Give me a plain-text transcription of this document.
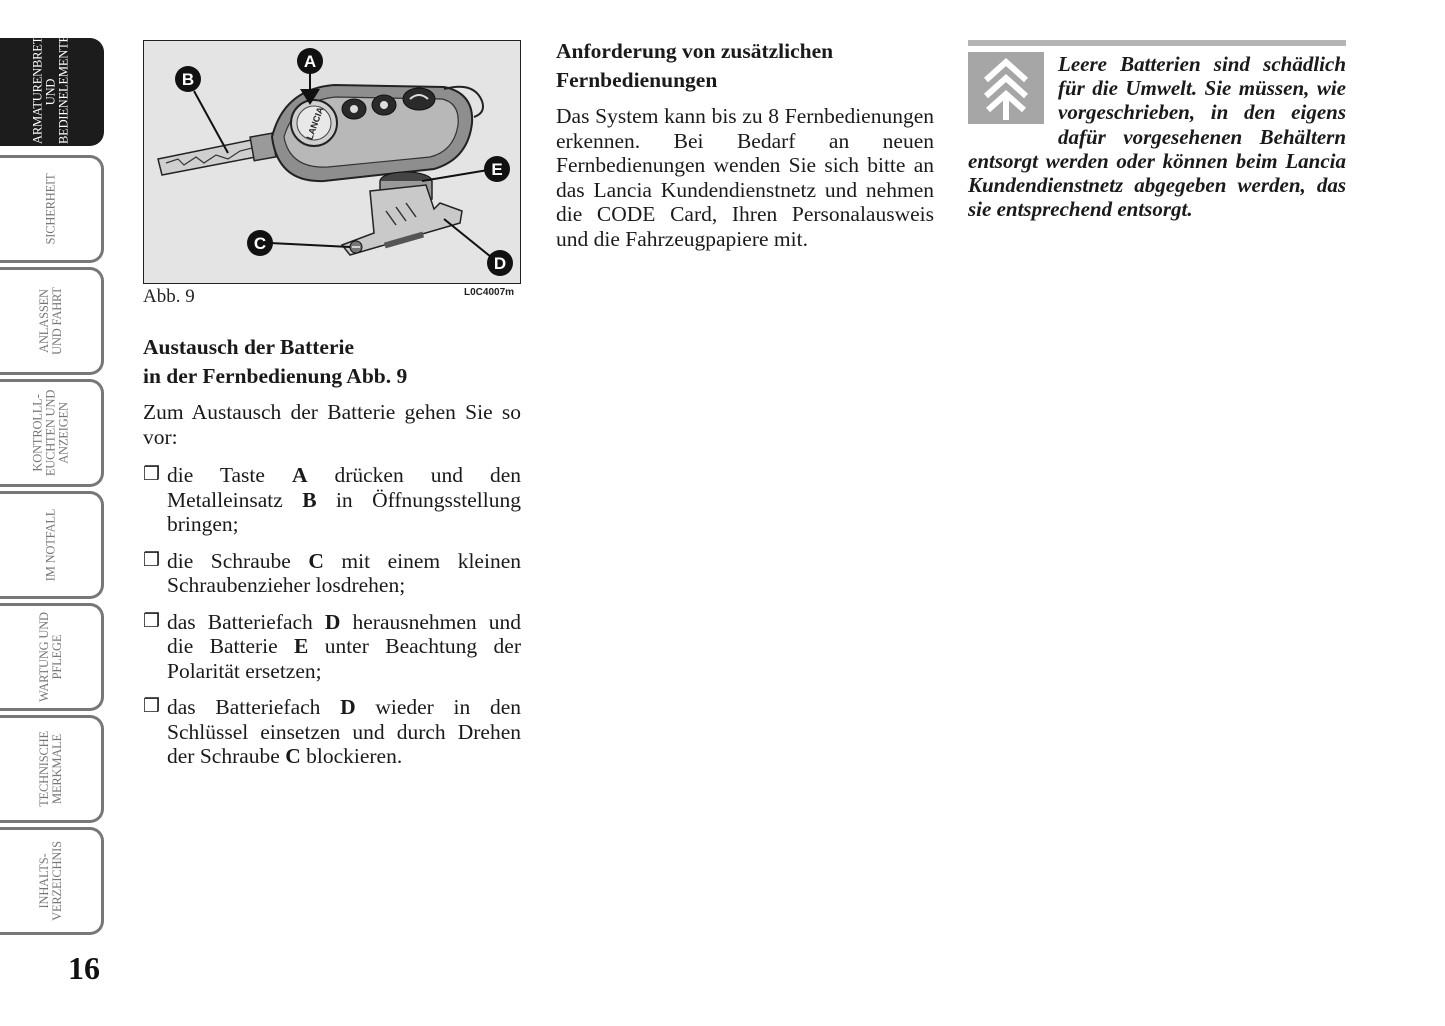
ARMATURENBRETT
UND
BEDIENELEMENTE
SICHERHEIT
ANLASSEN
UND FAHRT
KONTROLLL-
EUCHTEN UND
ANZEIGEN
IM NOTFALL
WARTUNG UND
PFLEGE
TECHNISCHE
MERKMALE
INHALTS-
VERZEICHNIS
16
LANCIA
A
B
E
C
D
Abb. 9	L0C4007m
Austausch der Batterie
in der Fernbedienung Abb. 9

Zum Austausch der Batterie gehen Sie so vor:

❒ die Taste A drücken und den Metalleinsatz B in Öffnungsstellung bringen;
❒ die Schraube C mit einem kleinen Schraubenzieher losdrehen;
❒ das Batteriefach D herausnehmen und die Batterie E unter Beachtung der Polarität ersetzen;
❒ das Batteriefach D wieder in den Schlüssel einsetzen und durch Drehen der Schraube C blockieren.
Anforderung von zusätzlichen
Fernbedienungen

Das System kann bis zu 8 Fernbedienungen erkennen. Bei Bedarf an neuen Fernbedienungen wenden Sie sich bitte an das Lancia Kundendienstnetz und nehmen die CODE Card, Ihren Personalausweis und die Fahrzeugpapiere mit.

Leere Batterien sind schädlich für die Umwelt. Sie müssen, wie vorgeschrieben, in den eigens dafür vorgesehenen Behältern entsorgt werden oder können beim Lancia Kundendienstnetz abgegeben werden, das sie entsprechend entsorgt.
